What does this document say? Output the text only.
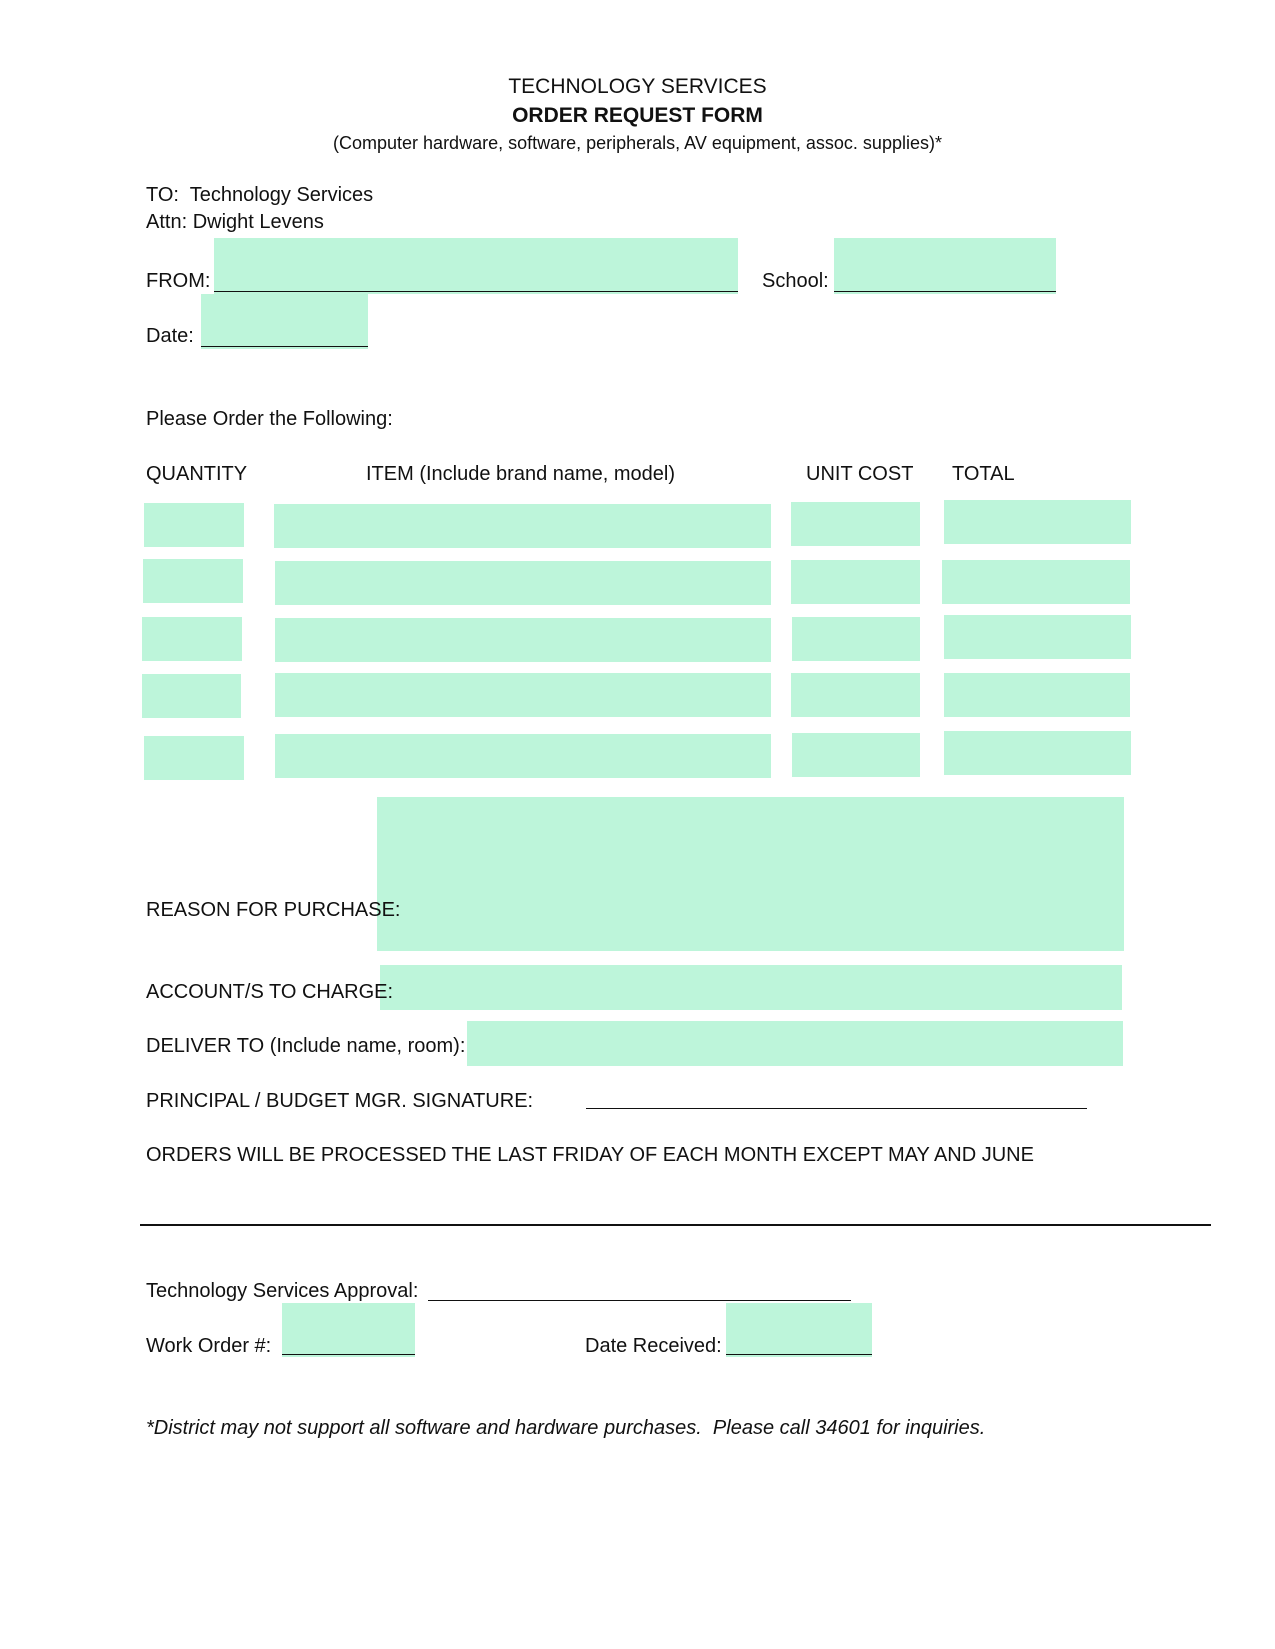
TECHNOLOGY SERVICES
ORDER REQUEST FORM
(Computer hardware, software, peripherals, AV equipment, assoc. supplies)*
TO:  Technology Services
Attn: Dwight Levens
FROM:	School:
Date:
Please Order the Following:
QUANTITY	ITEM (Include brand name, model)	UNIT COST TOTAL
REASON FOR PURCHASE:
ACCOUNT/S TO CHARGE:
DELIVER TO (Include name, room):
PRINCIPAL / BUDGET MGR. SIGNATURE:
ORDERS WILL BE PROCESSED THE LAST FRIDAY OF EACH MONTH EXCEPT MAY AND JUNE
Technology Services Approval:
Work Order #:	Date Received:
*District may not support all software and hardware purchases.  Please call 34601 for inquiries.
